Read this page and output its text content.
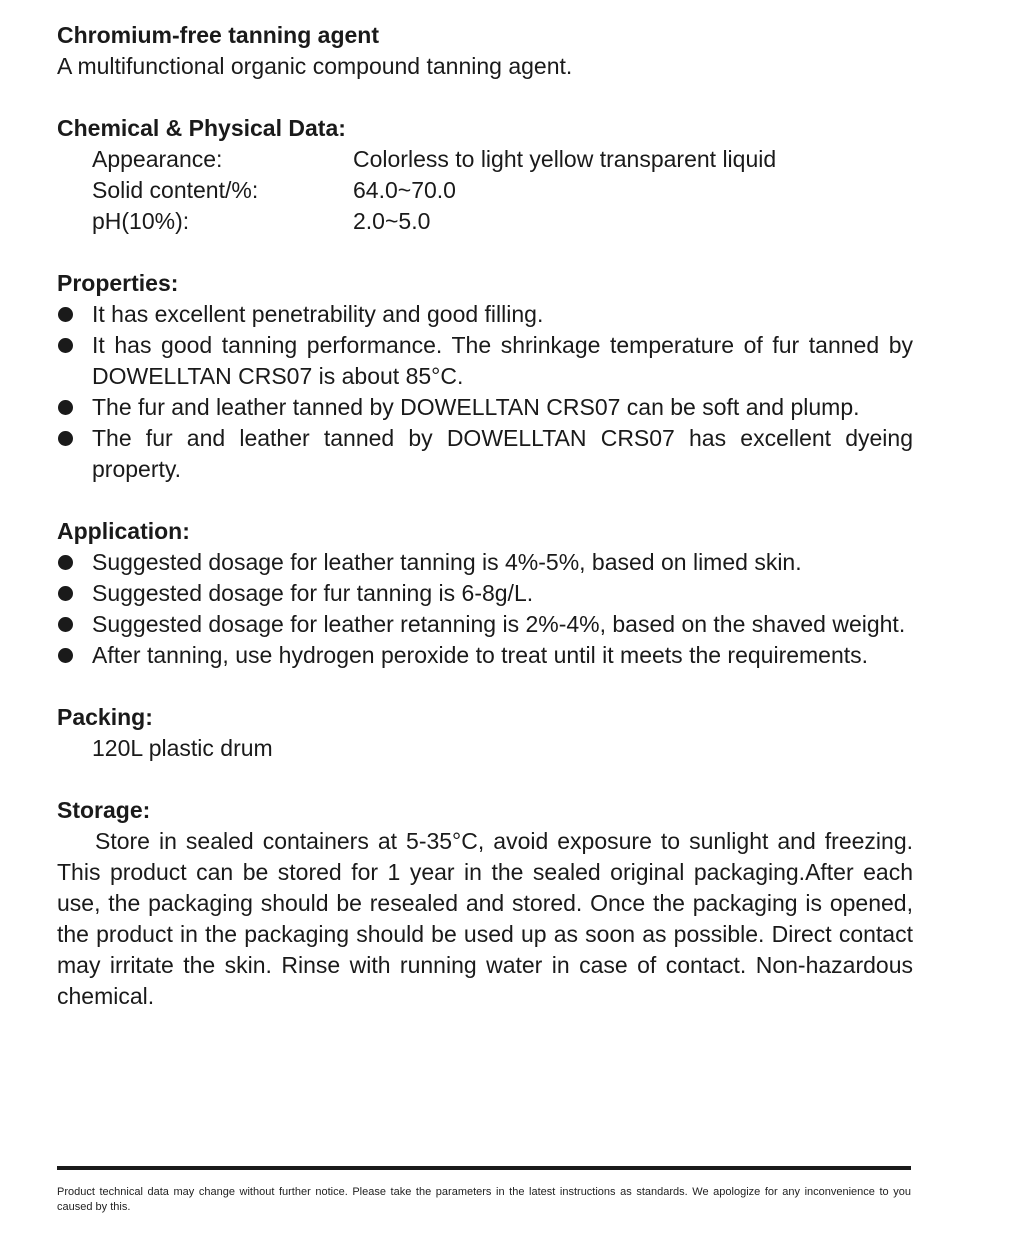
Chromium-free tanning agent

A multifunctional organic compound tanning agent.

Chemical & Physical Data:

Appearance:	Colorless to light yellow transparent liquid
Solid content/%:	64.0~70.0
pH(10%):	2.0~5.0

Properties:

It has excellent penetrability and good filling.
It has good tanning performance. The shrinkage temperature of fur tanned by DOWELLTAN CRS07 is about 85°C.
The fur and leather tanned by DOWELLTAN CRS07 can be soft and plump.
The fur and leather tanned by DOWELLTAN CRS07 has excellent dyeing property.

Application:

Suggested dosage for leather tanning is 4%-5%, based on limed skin.
Suggested dosage for fur tanning is 6-8g/L.
Suggested dosage for leather retanning is 2%-4%, based on the shaved weight.
After tanning, use hydrogen peroxide to treat until it meets the requirements.

Packing:

120L plastic drum

Storage:

Store in sealed containers at 5-35°C, avoid exposure to sunlight and freezing. This product can be stored for 1 year in the sealed original packaging.After each use, the packaging should be resealed and stored. Once the packaging is opened, the product in the packaging should be used up as soon as possible. Direct contact may irritate the skin. Rinse with running water in case of contact. Non-hazardous chemical.

Product technical data may change without further notice. Please take the parameters in the latest instructions as standards. We apologize for any inconvenience to you caused by this.
